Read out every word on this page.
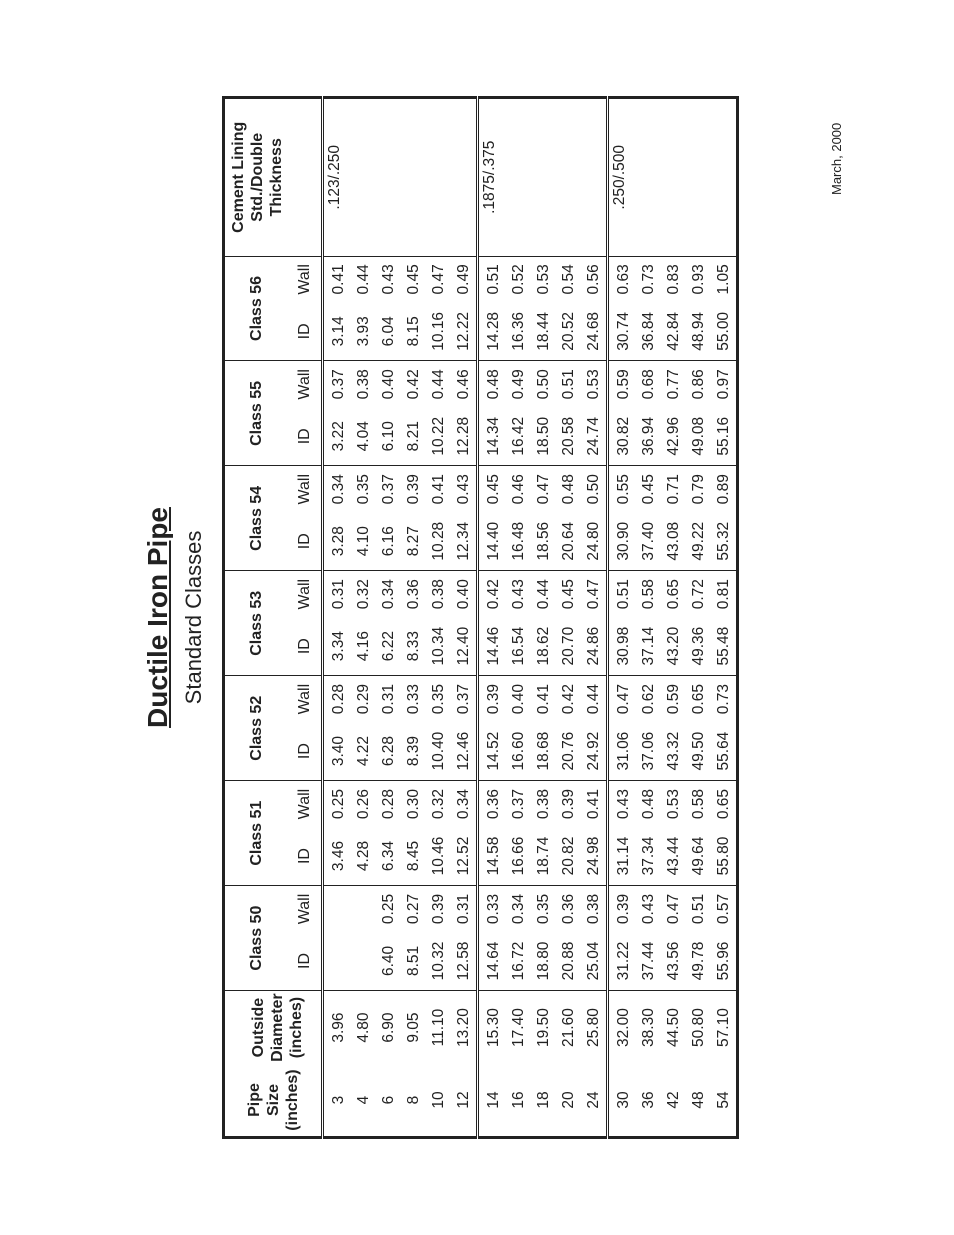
Ductile Iron Pipe Standard Classes
Pipe Size (inches)	Outside Diameter	Class 50		Class 51		Class 52		Class 53		Class 54		Class 55		Class 56		Cement Lining Std./Double Thickness
	(inches)	ID	Wall	ID	Wall	ID	Wall	ID	Wall	ID	Wall	ID	Wall	ID	Wall	
3	3.96			3.46	0.25	3.40	0.28	3.34	0.31	3.28	0.34	3.22	0.37	3.14	0.41	.123/.250
4	4.80			4.28	0.26	4.22	0.29	4.16	0.32	4.10	0.35	4.04	0.38	3.93	0.44	
6	6.90	6.40	0.25	6.34	0.28	6.28	0.31	6.22	0.34	6.16	0.37	6.10	0.40	6.04	0.43	
8	9.05	8.51	0.27	8.45	0.30	8.39	0.33	8.33	0.36	8.27	0.39	8.21	0.42	8.15	0.45	
10	11.10	10.32	0.39	10.46	0.32	10.40	0.35	10.34	0.38	10.28	0.41	10.22	0.44	10.16	0.47	
12	13.20	12.58	0.31	12.52	0.34	12.46	0.37	12.40	0.40	12.34	0.43	12.28	0.46	12.22	0.49	
14	15.30	14.64	0.33	14.58	0.36	14.52	0.39	14.46	0.42	14.40	0.45	14.34	0.48	14.28	0.51	.1875/.375
16	17.40	16.72	0.34	16.66	0.37	16.60	0.40	16.54	0.43	16.48	0.46	16.42	0.49	16.36	0.52	
18	19.50	18.80	0.35	18.74	0.38	18.68	0.41	18.62	0.44	18.56	0.47	18.50	0.50	18.44	0.53	
20	21.60	20.88	0.36	20.82	0.39	20.76	0.42	20.70	0.45	20.64	0.48	20.58	0.51	20.52	0.54	
24	25.80	25.04	0.38	24.98	0.41	24.92	0.44	24.86	0.47	24.80	0.50	24.74	0.53	24.68	0.56	
30	32.00	31.22	0.39	31.14	0.43	31.06	0.47	30.98	0.51	30.90	0.55	30.82	0.59	30.74	0.63	.250/.500
36	38.30	37.44	0.43	37.34	0.48	37.06	0.62	37.14	0.58	37.40	0.45	36.94	0.68	36.84	0.73	
42	44.50	43.56	0.47	43.44	0.53	43.32	0.59	43.20	0.65	43.08	0.71	42.96	0.77	42.84	0.83	
48	50.80	49.78	0.51	49.64	0.58	49.50	0.65	49.36	0.72	49.22	0.79	49.08	0.86	48.94	0.93	
54	57.10	55.96	0.57	55.80	0.65	55.64	0.73	55.48	0.81	55.32	0.89	55.16	0.97	55.00	1.05	
March, 2000
